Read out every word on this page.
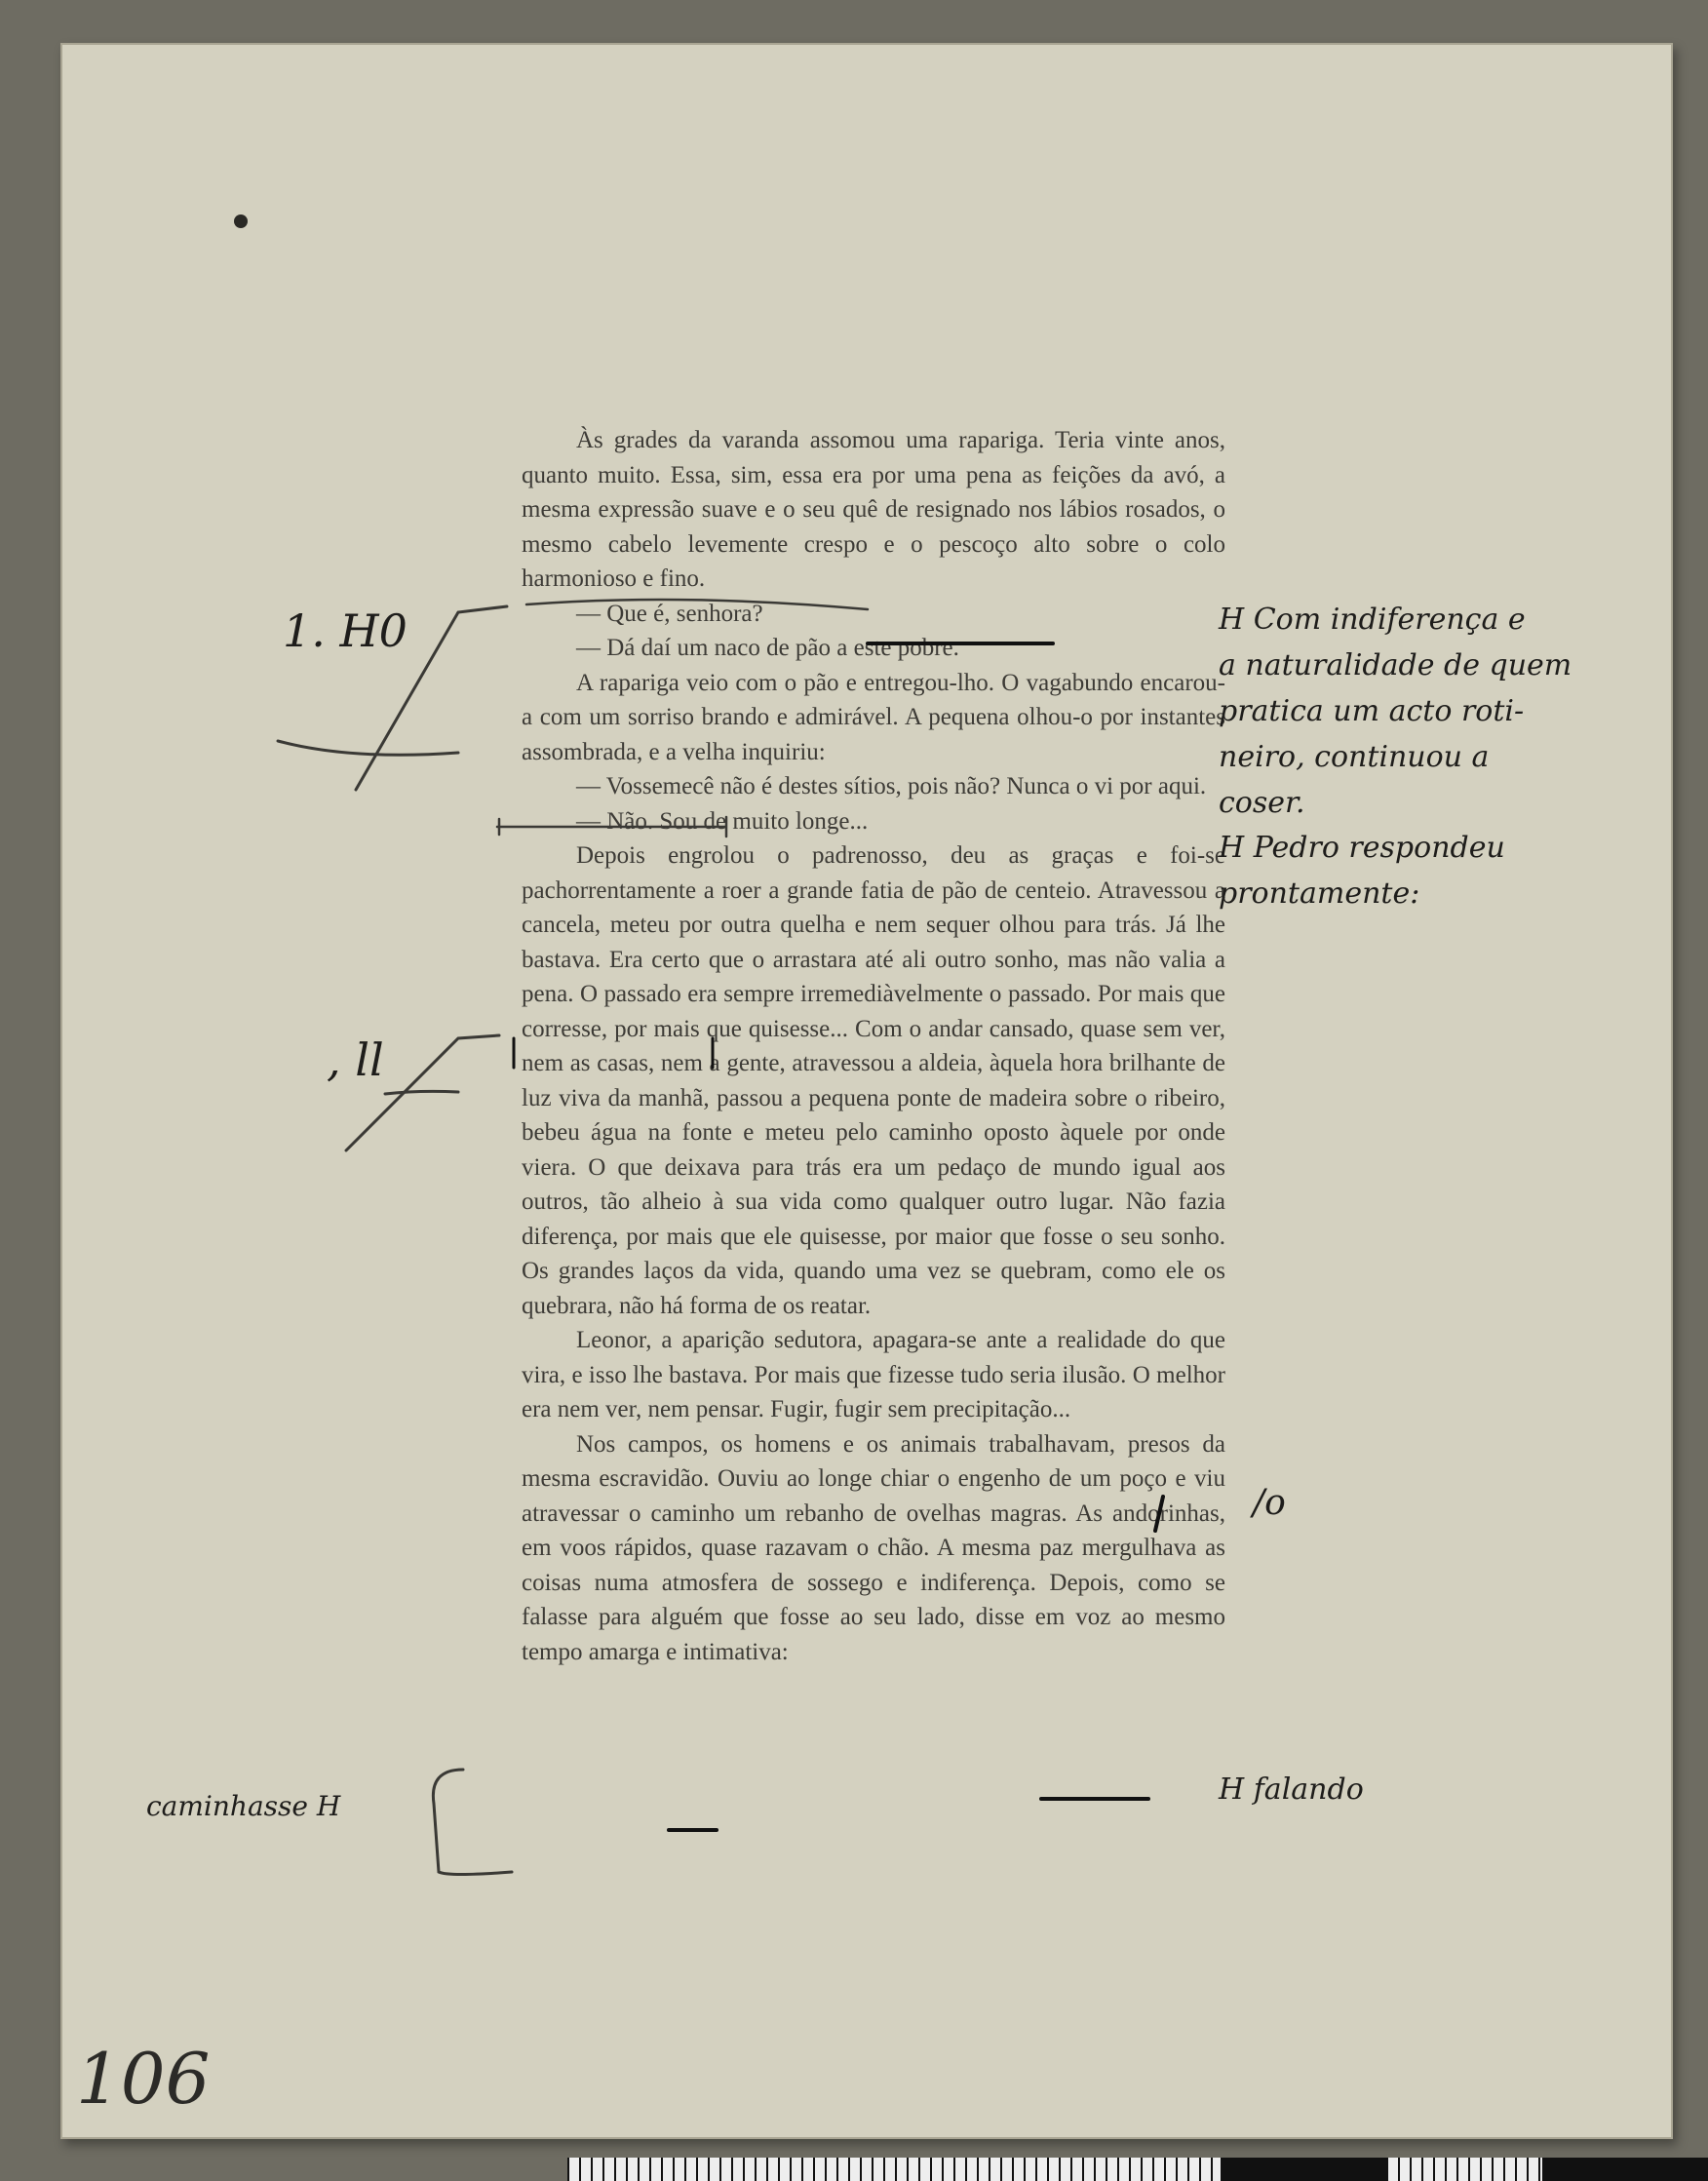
Às grades da varanda assomou uma rapariga. Teria vinte anos, quanto muito. Essa, sim, essa era por uma pena as feições da avó, a mesma expressão suave e o seu quê de resignado nos lábios rosados, o mesmo cabelo levemente crespo e o pescoço alto sobre o colo harmonioso e fino.

— Que é, senhora?

— Dá daí um naco de pão a este pobre.

A rapariga veio com o pão e entregou-lho. O vagabundo encarou-a com um sorriso brando e admirável. A pequena olhou-o por instantes assombrada, e a velha inquiriu:

— Vossemecê não é destes sítios, pois não? Nunca o vi por aqui.

— Não. Sou de muito longe...

Depois engrolou o padrenosso, deu as graças e foi-se pachorrentamente a roer a grande fatia de pão de centeio. Atravessou a cancela, meteu por outra quelha e nem sequer olhou para trás. Já lhe bastava. Era certo que o arrastara até ali outro sonho, mas não valia a pena. O passado era sempre irremediàvelmente o passado. Por mais que corresse, por mais que quisesse... Com o andar cansado, quase sem ver, nem as casas, nem a gente, atravessou a aldeia, àquela hora brilhante de luz viva da manhã, passou a pequena ponte de madeira sobre o ribeiro, bebeu água na fonte e meteu pelo caminho oposto àquele por onde viera. O que deixava para trás era um pedaço de mundo igual aos outros, tão alheio à sua vida como qualquer outro lugar. Não fazia diferença, por mais que ele quisesse, por maior que fosse o seu sonho. Os grandes laços da vida, quando uma vez se quebram, como ele os quebrara, não há forma de os reatar.

Leonor, a aparição sedutora, apagara-se ante a realidade do que vira, e isso lhe bastava. Por mais que fizesse tudo seria ilusão. O melhor era nem ver, nem pensar. Fugir, fugir sem precipitação...

Nos campos, os homens e os animais trabalhavam, presos da mesma escravidão. Ouviu ao longe chiar o engenho de um poço e viu atravessar o caminho um rebanho de ovelhas magras. As andorinhas, em voos rápidos, quase razavam o chão. A mesma paz mergulhava as coisas numa atmosfera de sossego e indiferença. Depois, como se falasse para alguém que fosse ao seu lado, disse em voz ao mesmo tempo amarga e intimativa:

1. H0
, ll
caminhasse H
H Com indiferença e
a naturalidade de quem
pratica um acto roti-
neiro, continuou a
coser.
H Pedro respondeu
prontamente:
/o
H falando
106
